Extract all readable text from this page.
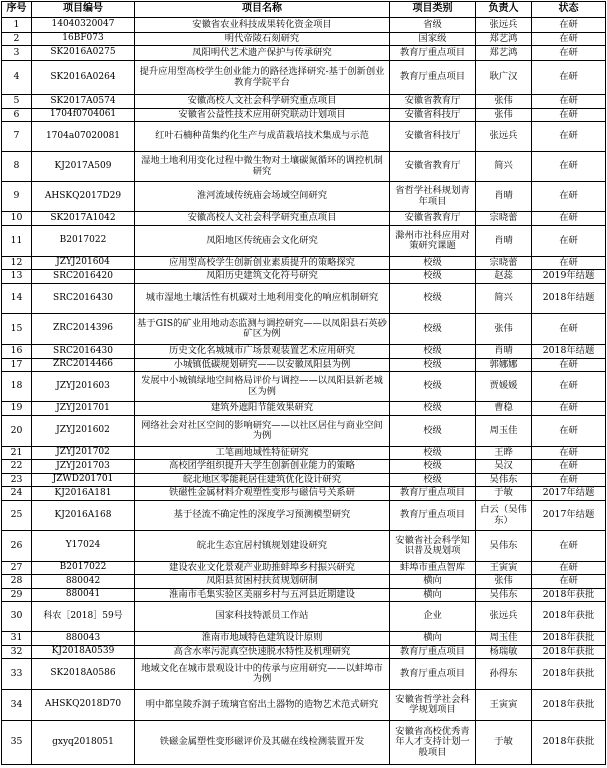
序号	项目编号	项目名称	项目类别	负责人	状态
1	14040320047	安徽省农业科技成果转化资金项目	省级	张远兵	在研
2	16BF073	明代帝陵石刻研究	国家级	郑艺鸿	在研
3	SK2016A0275	凤阳明代艺术遗产保护与传承研究	教育厅重点项目	郑艺鸿	在研
4	SK2016A0264	提升应用型高校学生创业能力的路径选择研究-基于创新创业教育学院平台	教育厅重点项目	耿广汉	在研
5	SK2017A0574	安徽高校人文社会科学研究重点项目	安徽省教育厅	张伟	在研
6	1704f0704061	安徽省公益性技术应用研究联动计划项目	安徽省科技厅	张伟	在研
7	1704a07020081	红叶石楠种苗集约化生产与成苗栽培技术集成与示范	安徽省科技厅	张远兵	在研
8	KJ2017A509	湿地土地利用变化过程中微生物对土壤碳氮循环的调控机制研究	安徽省教育厅	简兴	在研
9	AHSKQ2017D29	淮河流域传统庙会场域空间研究	省哲学社科规划青年项目	肖晴	在研
10	SK2017A1042	安徽高校人文社会科学研究重点项目	安徽省教育厅	宗晓蕾	在研
11	B2017022	凤阳地区传统庙会文化研究	滁州市社科应用对策研究课题	肖晴	在研
12	JZYJ201604	应用型高校学生创新创业素质提升的策略探究	校级	宗晓蕾	在研
13	SRC2016420	凤阳历史建筑文化符号研究	校级	赵蕊	2019年结题
14	SRC2016430	城市湿地土壤活性有机碳对土地利用变化的响应机制研究	校级	简兴	2018年结题
15	ZRC2014396	基于GIS的矿业用地动态监测与调控研究——以凤阳县石英砂矿区为例	校级	张伟	在研
16	SRC2016430	历史文化名城城市广场景观装置艺术应用研究	校级	肖晴	2018年结题
17	ZRC2014466	小城镇低碳规划研究——以安徽凤阳县为例	校级	郭娜娜	在研
18	JZYJ201603	发展中小城镇绿地空间格局评价与调控——以凤阳县新老城区为例	校级	贾媛媛	在研
19	JZYJ201701	建筑外遮阳节能效果研究	校级	曹稳	在研
20	JZYJ201602	网络社会对社区空间的影响研究——以社区居住与商业空间为例	校级	周玉佳	在研
21	JZYJ201702	工笔画地域性特征研究	校级	王晔	在研
22	JZYJ201703	高校团学组织提升大学生创新创业能力的策略	校级	吴汉	在研
23	JZWD201701	皖北地区零能耗居住建筑优化设计研究	校级	吴伟东	在研
24	KJ2016A181	铁磁性金属材料介观塑性变形与磁信号关系研	教育厅重点项目	于敏	2017年结题
25	KJ2016A168	基于径流不确定性的深度学习预测模型研究	教育厅重点项目	白云（吴伟东）	2017年结题
26	Y17024	皖北生态宜居村镇规划建设研究	安徽省社会科学知识普及规划项	吴伟东	在研
27	B2017022	建设农业文化景观产业助推蚌埠乡村振兴研究	蚌埠市重点智库	王寅寅	在研
28	880042	凤阳县贫困村扶贫规划研制	横向	张伟	在研
29	880041	淮南市毛集实验区美丽乡村与五河县近期建设	横向	吴伟东	2018年获批
30	科农［2018］59号	国家科技特派员工作站	企业	张远兵	2018年获批
31	880043	淮南市地域特色建筑设计原则	横向	周玉佳	2018年获批
32	KJ2018A0539	高含水率污泥真空快速脱水特性及机理研究	教育厅重点项目	杨瑞敏	2018年获批
33	SK2018A0586	地域文化在城市景观设计中的传承与应用研究——以蚌埠市为例	教育厅重点项目	孙得东	2018年获批
34	AHSKQ2018D70	明中都皇陵乔洞子琉璃官窑出土器物的造物艺术范式研究	安徽省哲学社会科学规划项目	王寅寅	2018年获批
35	gxyq2018051	铁磁金属塑性变形磁评价及其磁在线检测装置开发	安徽省高校优秀青年人才支持计划一般项目	于敏	2018年获批
